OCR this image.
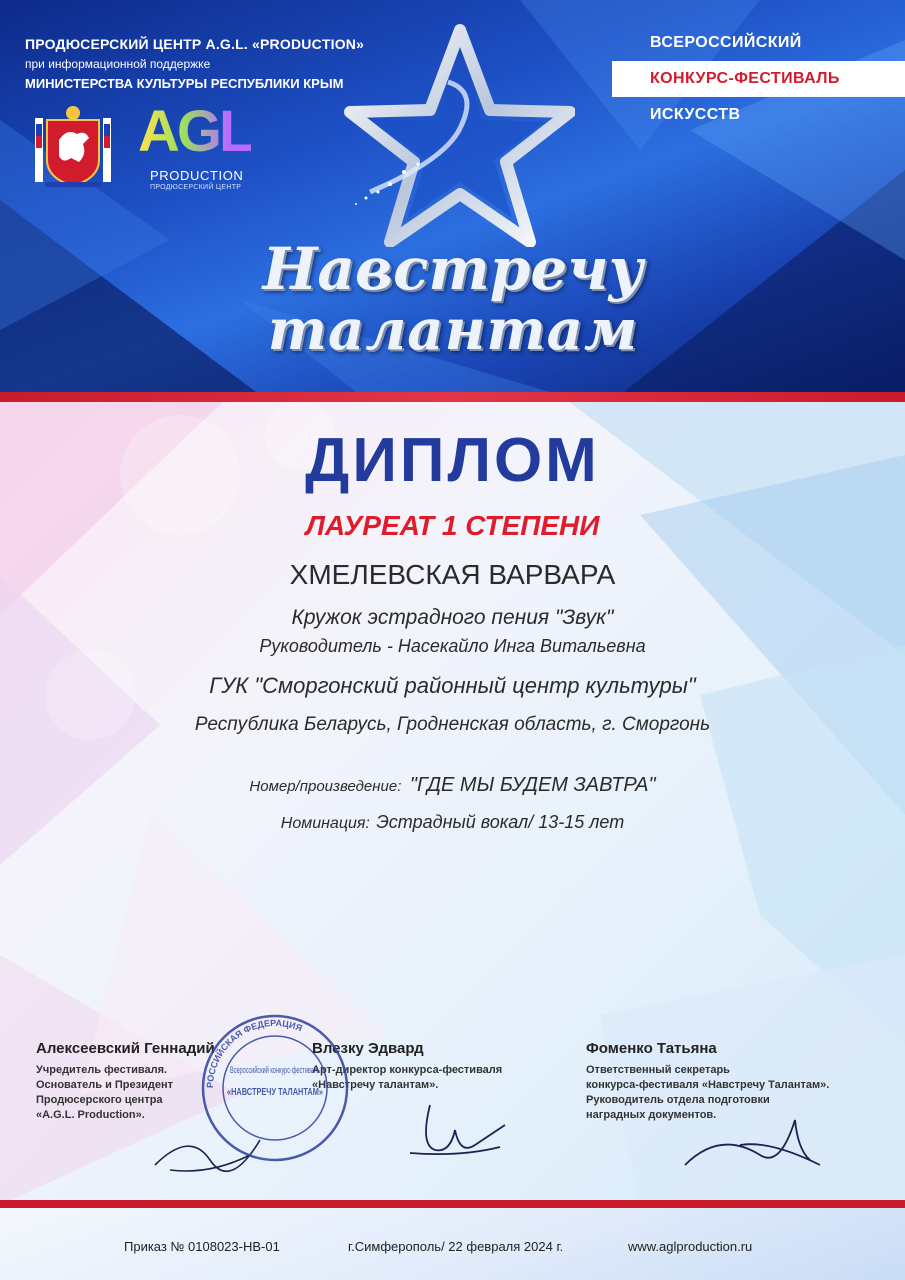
ПРОДЮСЕРСКИЙ ЦЕНТР A.G.L. «PRODUCTION»
при информационной поддержке
МИНИСТЕРСТВА КУЛЬТУРЫ РЕСПУБЛИКИ КРЫМ
AGL
PRODUCTION
ПРОДЮСЕРСКИЙ ЦЕНТР
ВСЕРОССИЙСКИЙ
КОНКУРС-ФЕСТИВАЛЬ
ИСКУССТВ
Навстречу
талантам
ДИПЛОМ
ЛАУРЕАТ 1 СТЕПЕНИ
ХМЕЛЕВСКАЯ ВАРВАРА
Кружок эстрадного пения "Звук"
Руководитель - Насекайло Инга Витальевна
ГУК "Сморгонский районный центр культуры"
Республика Беларусь, Гродненская область, г. Сморгонь
Номер/произведение: "ГДЕ МЫ БУДЕМ ЗАВТРА"
Номинация: Эстрадный вокал/ 13-15 лет
Алексеевский Геннадий
Учредитель фестиваля.
Основатель и Президент
Продюсерского центра
«A.G.L. Production».
Влезку Эдвард
Арт-директор конкурса-фестиваля
«Навстречу талантам».
Фоменко Татьяна
Ответственный секретарь
конкурса-фестиваля «Навстречу Талантам».
Руководитель отдела подготовки
наградных документов.
РОССИЙСКАЯ ФЕДЕРАЦИЯ
Всероссийский конкурс-фестиваль
«НАВСТРЕЧУ ТАЛАНТАМ»
Приказ № 0108023-НВ-01	г.Симферополь/ 22 февраля 2024 г.	www.aglproduction.ru
